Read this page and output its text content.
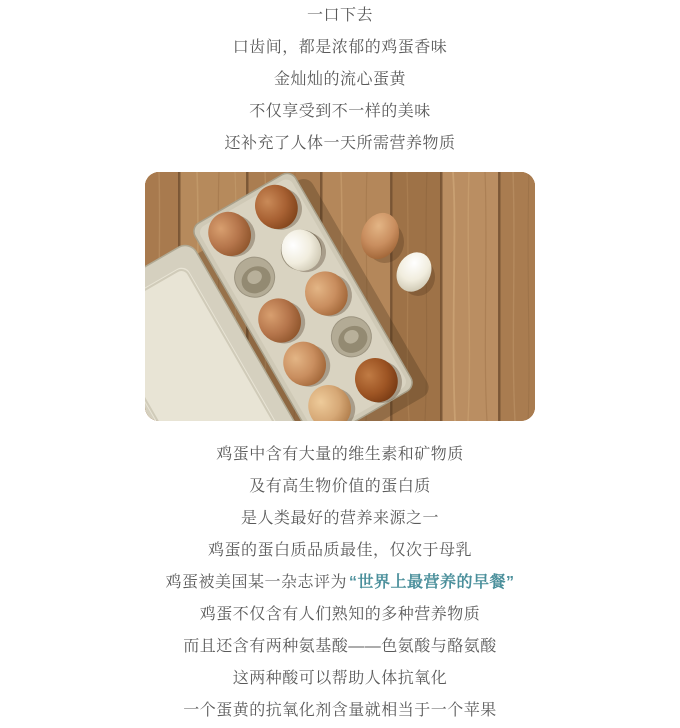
一口下去

口齿间，都是浓郁的鸡蛋香味

金灿灿的流心蛋黄

不仅享受到不一样的美味

还补充了人体一天所需营养物质

鸡蛋中含有大量的维生素和矿物质

及有高生物价值的蛋白质

是人类最好的营养来源之一

鸡蛋的蛋白质品质最佳，仅次于母乳

鸡蛋被美国某一杂志评为 “世界上最营养的早餐”

鸡蛋不仅含有人们熟知的多种营养物质

而且还含有两种氨基酸——色氨酸与酪氨酸

这两种酸可以帮助人体抗氧化

一个蛋黄的抗氧化剂含量就相当于一个苹果
